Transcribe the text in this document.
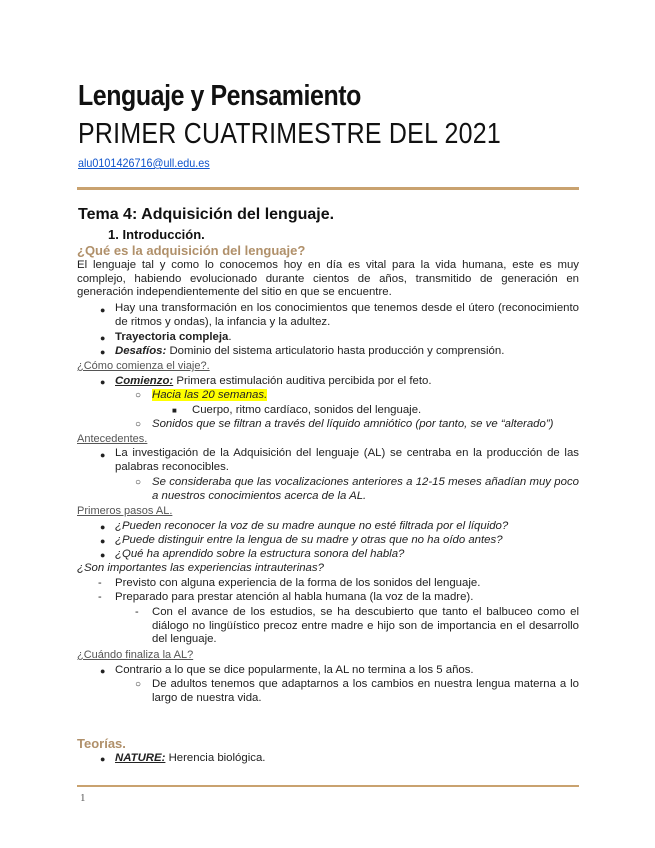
Lenguaje y Pensamiento
PRIMER CUATRIMESTRE DEL 2021
alu0101426716@ull.edu.es
Tema 4: Adquisición del lenguaje.
1. Introducción.
¿Qué es la adquisición del lenguaje?
El lenguaje tal y como lo conocemos hoy en día es vital para la vida humana, este es muy complejo, habiendo evolucionado durante cientos de años, transmitido de generación en generación independientemente del sitio en que se encuentre.
● Hay una transformación en los conocimientos que tenemos desde el útero (reconocimiento de ritmos y ondas), la infancia y la adultez.
● Trayectoria compleja.
● Desafíos: Dominio del sistema articulatorio hasta producción y comprensión.
¿Cómo comienza el viaje?.
● Comienzo: Primera estimulación auditiva percibida por el feto.
○ Hacia las 20 semanas.
■ Cuerpo, ritmo cardíaco, sonidos del lenguaje.
○ Sonidos que se filtran a través del líquido amniótico (por tanto, se ve “alterado”)
Antecedentes.
● La investigación de la Adquisición del lenguaje (AL) se centraba en la producción de las palabras reconocibles.
○ Se consideraba que las vocalizaciones anteriores a 12-15 meses añadían muy poco a nuestros conocimientos acerca de la AL.
Primeros pasos AL.
● ¿Pueden reconocer la voz de su madre aunque no esté filtrada por el líquido?
● ¿Puede distinguir entre la lengua de su madre y otras que no ha oído antes?
● ¿Qué ha aprendido sobre la estructura sonora del habla?
¿Son importantes las experiencias intrauterinas?
- Previsto con alguna experiencia de la forma de los sonidos del lenguaje.
- Preparado para prestar atención al habla humana (la voz de la madre).
- Con el avance de los estudios, se ha descubierto que tanto el balbuceo como el diálogo no lingüístico precoz entre madre e hijo son de importancia en el desarrollo del lenguaje.
¿Cuándo finaliza la AL?
● Contrario a lo que se dice popularmente, la AL no termina a los 5 años.
○ De adultos tenemos que adaptarnos a los cambios en nuestra lengua materna a lo largo de nuestra vida.
Teorías.
● NATURE: Herencia biológica.
1
